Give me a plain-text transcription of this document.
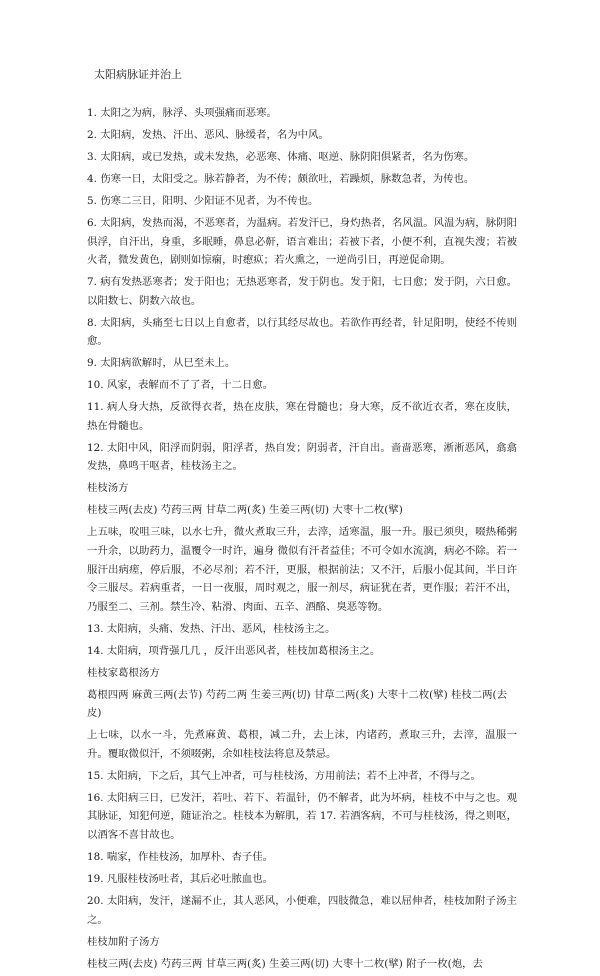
太阳病脉证并治上

1. 太阳之为病，脉浮、头项强痛而恶寒。

2. 太阳病，发热、汗出、恶风、脉缓者，名为中风。

3. 太阳病，或已发热，或未发热，必恶寒、体痛、呕逆、脉阴阳俱紧者，名为伤寒。

4. 伤寒一日，太阳受之。脉若静者，为不传；颇欲吐，若躁烦，脉数急者，为传也。

5. 伤寒二三日，阳明、少阳证不见者，为不传也。

6. 太阳病，发热而渴，不恶寒者，为温病。若发汗已，身灼热者，名风温。风温为病，脉阴阳俱浮，自汗出，身重，多眠睡，鼻息必鼾，语言难出；若被下者，小便不利，直视失溲；若被火者，微发黄色，剧则如惊痫，时瘛疭；若火熏之，一逆尚引日，再逆促命期。

7. 病有发热恶寒者；发于阳也；无热恶寒者，发于阴也。发于阳，七日愈；发于阴，六日愈。以阳数七、阴数六故也。

8. 太阳病，头痛至七日以上自愈者，以行其经尽故也。若欲作再经者，针足阳明，使经不传则愈。

9. 太阳病欲解时，从巳至未上。

10. 风家，表解而不了了者，十二日愈。

11. 病人身大热，反欲得衣者，热在皮肤，寒在骨髓也；身大寒，反不欲近衣者，寒在皮肤，热在骨髓也。

12. 太阳中风，阳浮而阴弱，阳浮者，热自发；阴弱者，汗自出。啬啬恶寒，淅淅恶风，翕翕发热，鼻鸣干呕者，桂枝汤主之。

桂枝汤方

桂枝三两(去皮) 芍药三两 甘草二两(炙) 生姜三两(切) 大枣十二枚(擘)

上五味，㕮咀三味，以水七升，微火煮取三升，去滓，适寒温，服一升。服已须臾，啜热稀粥一升余，以助药力，温覆令一时许，遍身 微似有汗者益佳；不可令如水流漓，病必不除。若一服汗出病瘥，停后服，不必尽剂；若不汗，更服，根据前法；又不汗，后服小促其间，半日许令三服尽。若病重者，一日一夜服，周时观之，服一剂尽，病证犹在者，更作服；若汗不出，乃服至二、三剂。禁生冷、粘滑、肉面、五辛、酒酪、臭恶等物。

13. 太阳病，头痛、发热、汗出、恶风，桂枝汤主之。

14. 太阳病，项背强几几 ，反汗出恶风者，桂枝加葛根汤主之。

桂枝家葛根汤方

葛根四两 麻黄三两(去节) 芍药二两 生姜三两(切) 甘草二两(炙) 大枣十二枚(擘) 桂枝二两(去皮)

上七味，以水一斗，先煮麻黄、葛根，减二升，去上沫，内诸药，煮取三升，去滓，温服一升。覆取微似汗，不须啜粥，余如桂枝法将息及禁忌。

15. 太阳病，下之后，其气上冲者，可与桂枝汤，方用前法；若不上冲者，不得与之。

16. 太阳病三日，已发汗，若吐、若下、若温针，仍不解者，此为坏病，桂枝不中与之也。观其脉证，知犯何逆，随证治之。桂枝本为解肌，若 17. 若酒客病，不可与桂枝汤，得之则呕，以酒客不喜甘故也。

18. 喘家，作桂枝汤，加厚朴、杏子佳。

19. 凡服桂枝汤吐者，其后必吐脓血也。

20. 太阳病，发汗，遂漏不止，其人恶风，小便难，四肢微急，难以屈伸者，桂枝加附子汤主之。

桂枝加附子汤方

桂枝三两(去皮) 芍药三两 甘草三两(炙) 生姜三两(切) 大枣十二枚(擘) 附子一枚(炮，去
